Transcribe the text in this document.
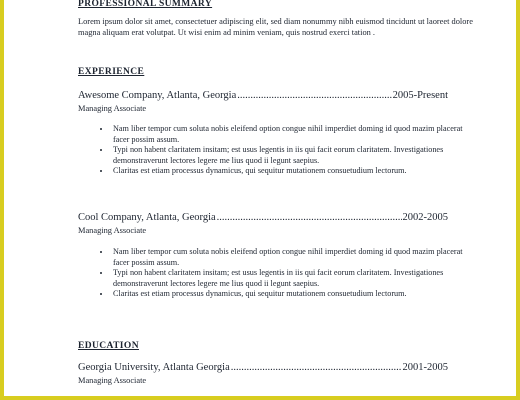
PROFESSIONAL SUMMARY

Lorem ipsum dolor sit amet, consectetuer adipiscing elit, sed diam nonummy nibh euismod tincidunt ut laoreet dolore magna aliquam erat volutpat. Ut wisi enim ad minim veniam, quis nostrud exerci tation .

EXPERIENCE
Awesome Company, Atlanta, Georgia .....	2005-Present
Managing Associate
• Nam liber tempor cum soluta nobis eleifend option congue nihil imperdiet doming id quod mazim placerat facer possim assum.
• Typi non habent claritatem insitam; est usus legentis in iis qui facit eorum claritatem. Investigationes demonstraverunt lectores legere me lius quod ii legunt saepius.
• Claritas est etiam processus dynamicus, qui sequitur mutationem consuetudium lectorum.
Cool Company, Atlanta, Georgia .....	2002-2005
Managing Associate
• Nam liber tempor cum soluta nobis eleifend option congue nihil imperdiet doming id quod mazim placerat facer possim assum.
• Typi non habent claritatem insitam; est usus legentis in iis qui facit eorum claritatem. Investigationes demonstraverunt lectores legere me lius quod ii legunt saepius.
• Claritas est etiam processus dynamicus, qui sequitur mutationem consuetudium lectorum.
EDUCATION
Georgia University, Atlanta Georgia .....	2001-2005
Managing Associate
